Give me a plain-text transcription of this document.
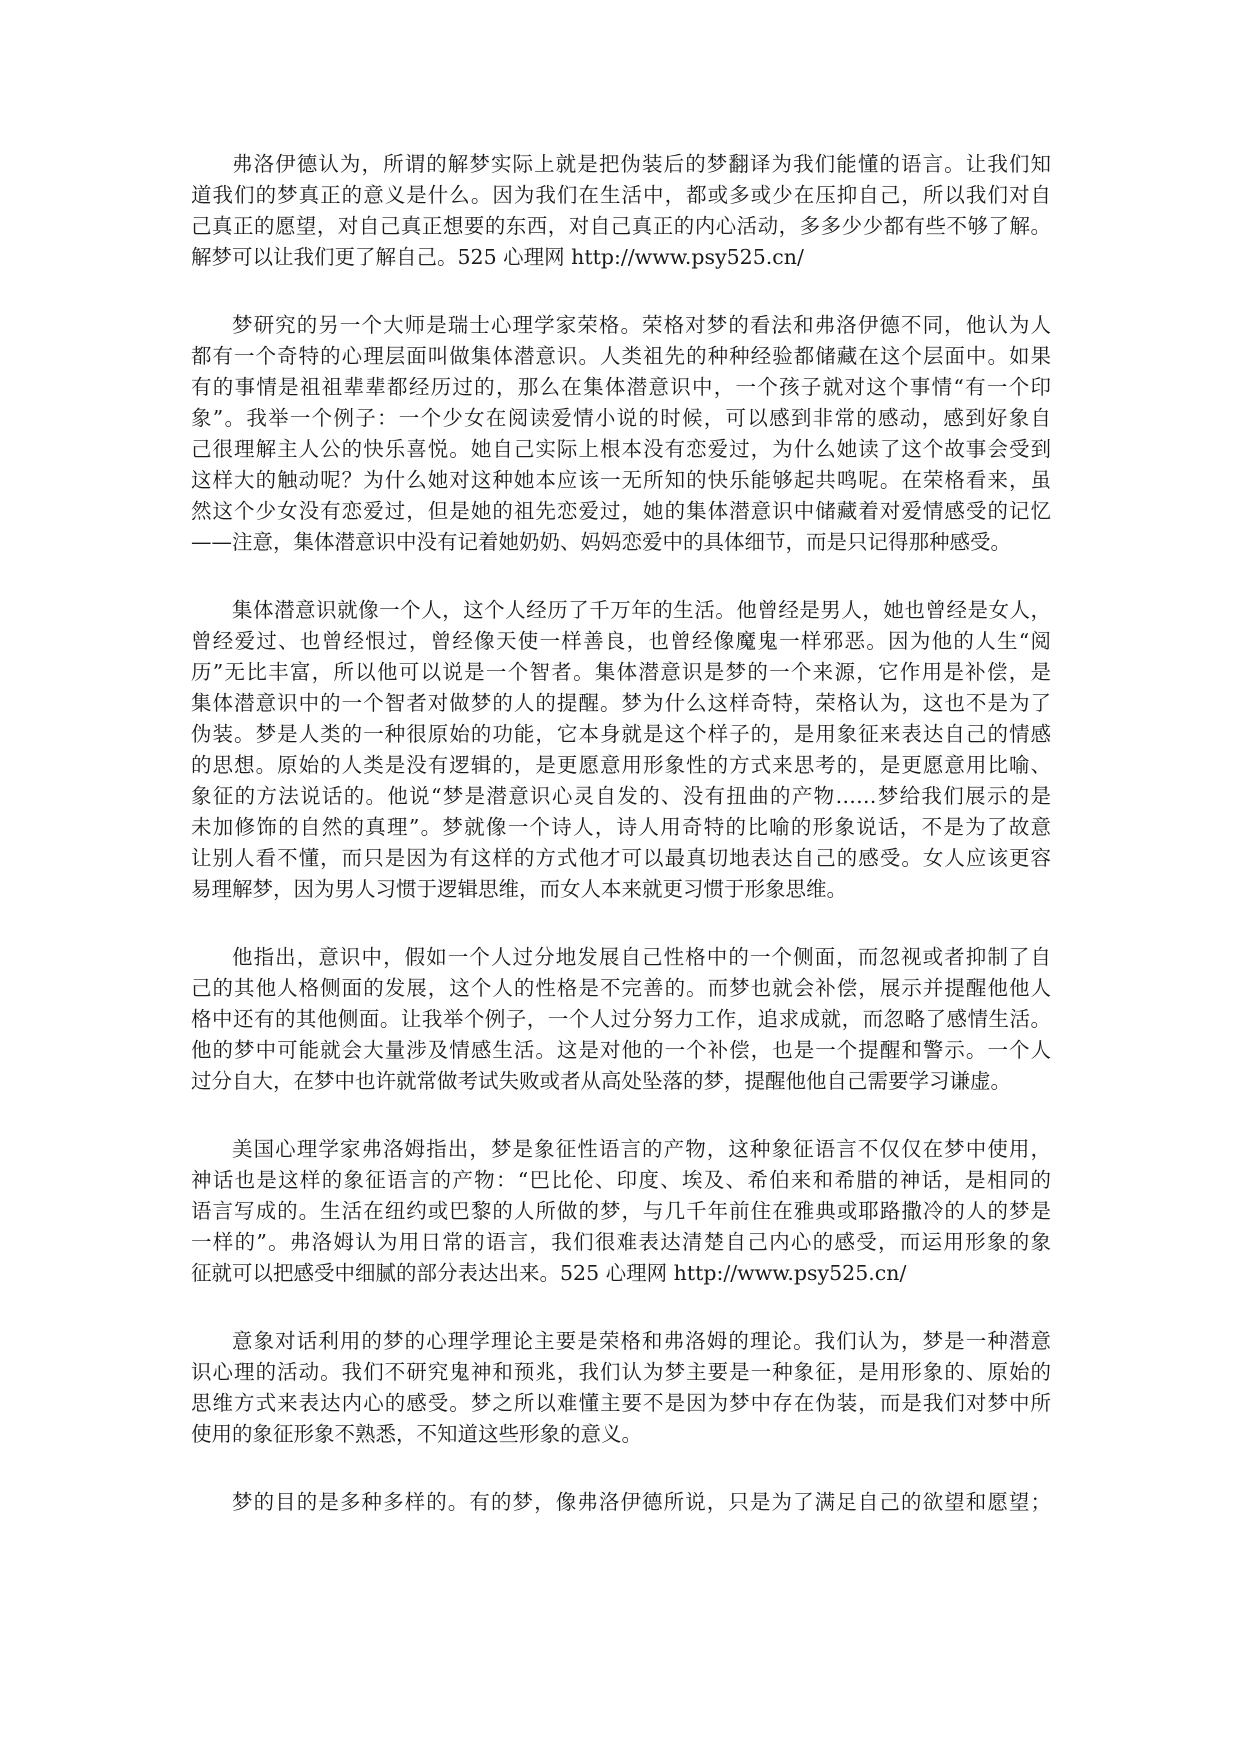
弗洛伊德认为，所谓的解梦实际上就是把伪装后的梦翻译为我们能懂的语言。让我们知
道我们的梦真正的意义是什么。因为我们在生活中，都或多或少在压抑自己，所以我们对自
己真正的愿望，对自己真正想要的东西，对自己真正的内心活动，多多少少都有些不够了解。
解梦可以让我们更了解自己。525 心理网 http://www.psy525.cn/
梦研究的另一个大师是瑞士心理学家荣格。荣格对梦的看法和弗洛伊德不同，他认为人
都有一个奇特的心理层面叫做集体潜意识。人类祖先的种种经验都储藏在这个层面中。如果
有的事情是祖祖辈辈都经历过的，那么在集体潜意识中，一个孩子就对这个事情“有一个印
象”。我举一个例子：一个少女在阅读爱情小说的时候，可以感到非常的感动，感到好象自
己很理解主人公的快乐喜悦。她自己实际上根本没有恋爱过，为什么她读了这个故事会受到
这样大的触动呢？为什么她对这种她本应该一无所知的快乐能够起共鸣呢。在荣格看来，虽
然这个少女没有恋爱过，但是她的祖先恋爱过，她的集体潜意识中储藏着对爱情感受的记忆
——注意，集体潜意识中没有记着她奶奶、妈妈恋爱中的具体细节，而是只记得那种感受。
集体潜意识就像一个人，这个人经历了千万年的生活。他曾经是男人，她也曾经是女人，
曾经爱过、也曾经恨过，曾经像天使一样善良，也曾经像魔鬼一样邪恶。因为他的人生“阅
历”无比丰富，所以他可以说是一个智者。集体潜意识是梦的一个来源，它作用是补偿，是
集体潜意识中的一个智者对做梦的人的提醒。梦为什么这样奇特，荣格认为，这也不是为了
伪装。梦是人类的一种很原始的功能，它本身就是这个样子的，是用象征来表达自己的情感
的思想。原始的人类是没有逻辑的，是更愿意用形象性的方式来思考的，是更愿意用比喻、
象征的方法说话的。他说“梦是潜意识心灵自发的、没有扭曲的产物……梦给我们展示的是
未加修饰的自然的真理”。梦就像一个诗人，诗人用奇特的比喻的形象说话，不是为了故意
让别人看不懂，而只是因为有这样的方式他才可以最真切地表达自己的感受。女人应该更容
易理解梦，因为男人习惯于逻辑思维，而女人本来就更习惯于形象思维。
他指出，意识中，假如一个人过分地发展自己性格中的一个侧面，而忽视或者抑制了自
己的其他人格侧面的发展，这个人的性格是不完善的。而梦也就会补偿，展示并提醒他他人
格中还有的其他侧面。让我举个例子，一个人过分努力工作，追求成就，而忽略了感情生活。
他的梦中可能就会大量涉及情感生活。这是对他的一个补偿，也是一个提醒和警示。一个人
过分自大，在梦中也许就常做考试失败或者从高处坠落的梦，提醒他他自己需要学习谦虚。
美国心理学家弗洛姆指出，梦是象征性语言的产物，这种象征语言不仅仅在梦中使用，
神话也是这样的象征语言的产物：“巴比伦、印度、埃及、希伯来和希腊的神话，是相同的
语言写成的。生活在纽约或巴黎的人所做的梦，与几千年前住在雅典或耶路撒冷的人的梦是
一样的”。弗洛姆认为用日常的语言，我们很难表达清楚自己内心的感受，而运用形象的象
征就可以把感受中细腻的部分表达出来。525 心理网 http://www.psy525.cn/
意象对话利用的梦的心理学理论主要是荣格和弗洛姆的理论。我们认为，梦是一种潜意
识心理的活动。我们不研究鬼神和预兆，我们认为梦主要是一种象征，是用形象的、原始的
思维方式来表达内心的感受。梦之所以难懂主要不是因为梦中存在伪装，而是我们对梦中所
使用的象征形象不熟悉，不知道这些形象的意义。
梦的目的是多种多样的。有的梦，像弗洛伊德所说，只是为了满足自己的欲望和愿望；
